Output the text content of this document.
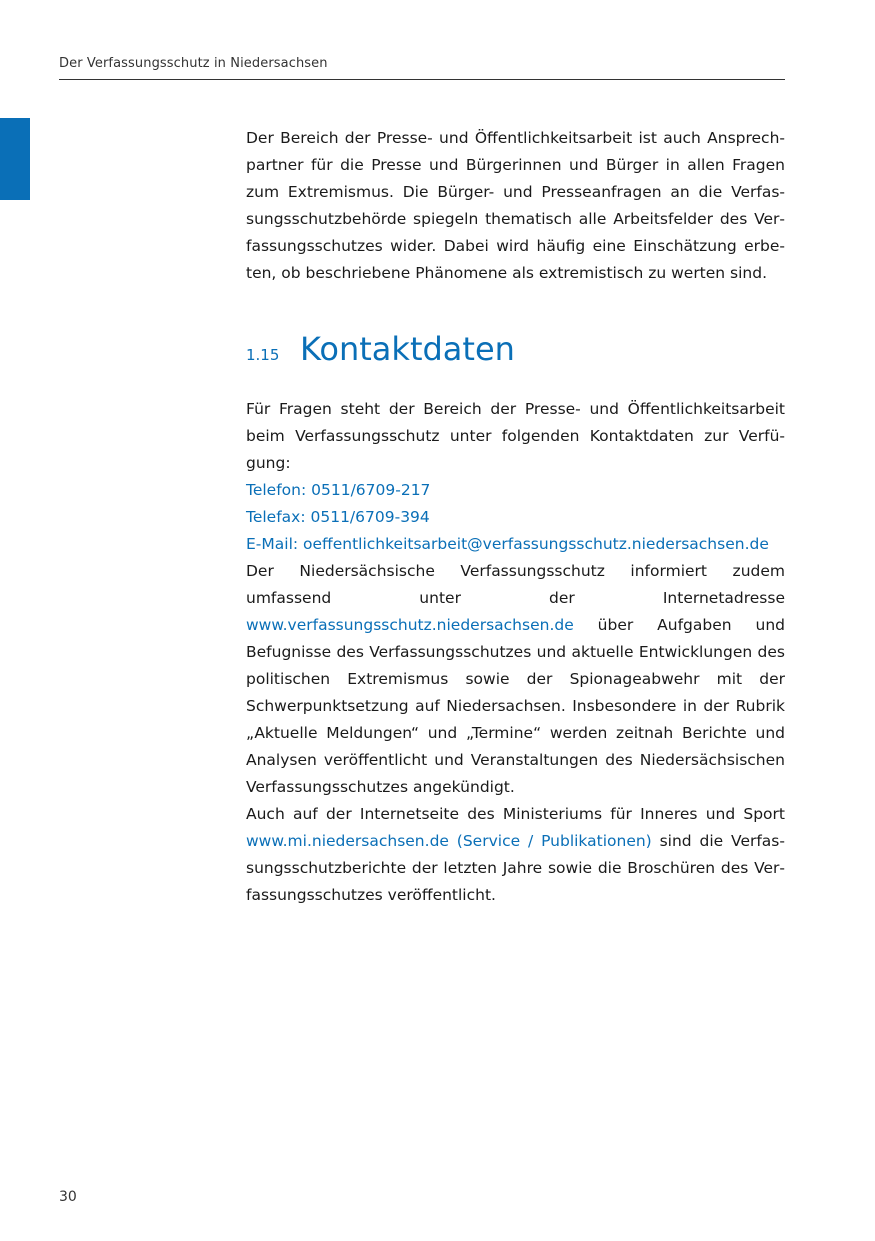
Der Verfassungsschutz in Niedersachsen

Der Bereich der Presse- und Öffentlichkeitsarbeit ist auch Ansprechpartner für die Presse und Bürgerinnen und Bürger in allen Fragen zum Extremismus. Die Bürger- und Presseanfragen an die Verfassungsschutzbehörde spiegeln thematisch alle Arbeitsfelder des Verfassungsschutzes wider. Dabei wird häufig eine Einschätzung erbeten, ob beschriebene Phänomene als extremistisch zu werten sind.

1.15 Kontaktdaten

Für Fragen steht der Bereich der Presse- und Öffentlichkeitsarbeit beim Verfassungsschutz unter folgenden Kontaktdaten zur Verfügung:

Telefon: 0511/6709-217
Telefax: 0511/6709-394
E-Mail: oeffentlichkeitsarbeit@verfassungsschutz.niedersachsen.de

Der Niedersächsische Verfassungsschutz informiert zudem umfassend unter der Internetadresse www.verfassungsschutz.niedersachsen.de über Aufgaben und Befugnisse des Verfassungsschutzes und aktuelle Entwicklungen des politischen Extremismus sowie der Spionageabwehr mit der Schwerpunktsetzung auf Niedersachsen. Insbesondere in der Rubrik „Aktuelle Meldungen“ und „Termine“ werden zeitnah Berichte und Analysen veröffentlicht und Veranstaltungen des Niedersächsischen Verfassungsschutzes angekündigt.

Auch auf der Internetseite des Ministeriums für Inneres und Sport www.mi.niedersachsen.de (Service / Publikationen) sind die Verfassungsschutzberichte der letzten Jahre sowie die Broschüren des Verfassungsschutzes veröffentlicht.

30
